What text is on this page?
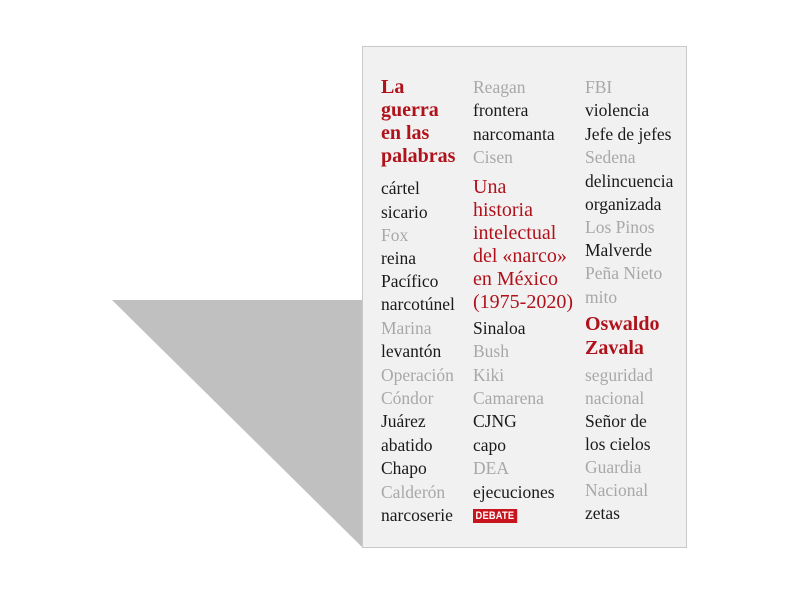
La
guerra
en las
palabras
cártel
sicario
Fox
reina
Pacífico
narcotúnel
Marina
levantón
Operación
Cóndor
Juárez
abatido
Chapo
Calderón
narcoserie
Reagan
frontera
narcomanta
Cisen
Una
historia
intelectual
del «narco»
en México
(1975-2020)
Sinaloa
Bush
Kiki
Camarena
CJNG
capo
DEA
ejecuciones
DEBATE
FBI
violencia
Jefe de jefes
Sedena
delincuencia
organizada
Los Pinos
Malverde
Peña Nieto
mito
Oswaldo
Zavala
seguridad
nacional
Señor de
los cielos
Guardia
Nacional
zetas
